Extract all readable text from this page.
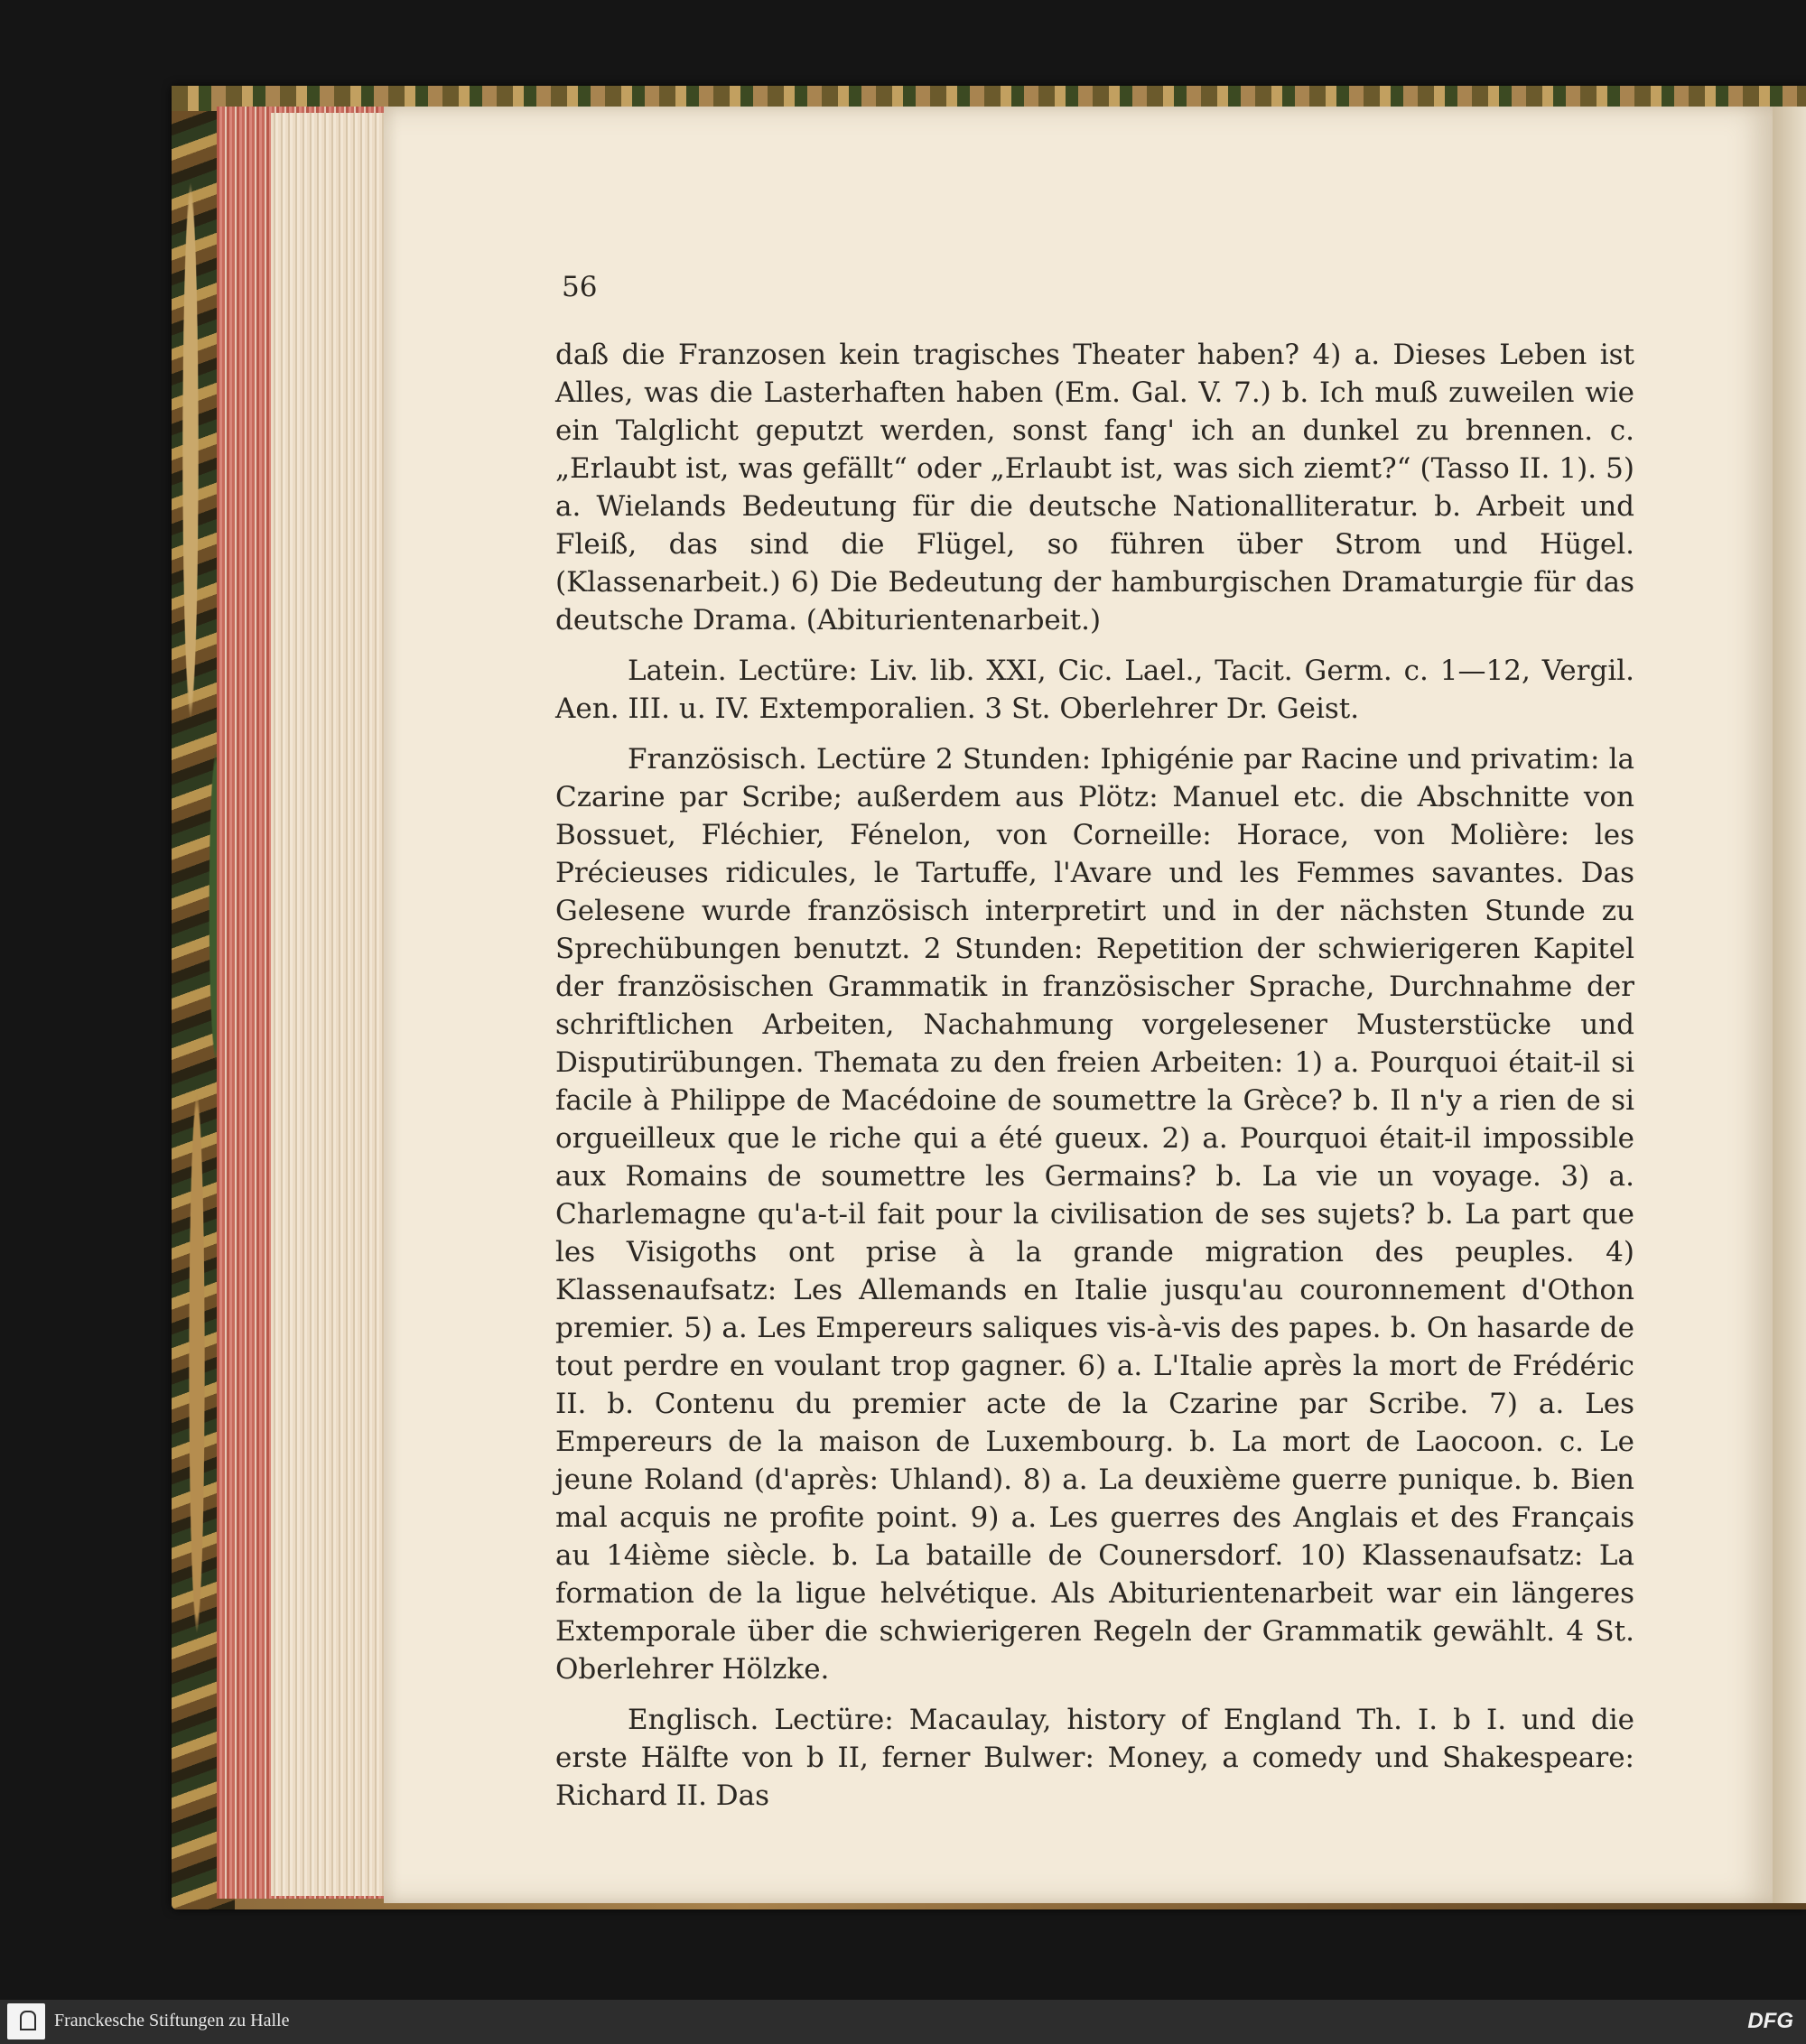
56

daß die Franzosen kein tragisches Theater haben? 4) a. Dieses Leben ist Alles, was die Lasterhaften haben (Em. Gal. V. 7.) b. Ich muß zuweilen wie ein Talglicht geputzt werden, sonst fang' ich an dunkel zu brennen. c. „Erlaubt ist, was gefällt“ oder „Erlaubt ist, was sich ziemt?“ (Tasso II. 1). 5) a. Wielands Bedeutung für die deutsche Nationalliteratur. b. Arbeit und Fleiß, das sind die Flügel, so führen über Strom und Hügel. (Klassenarbeit.) 6) Die Bedeutung der hamburgischen Dramaturgie für das deutsche Drama. (Abiturientenarbeit.)

Latein. Lectüre: Liv. lib. XXI, Cic. Lael., Tacit. Germ. c. 1—12, Vergil. Aen. III. u. IV. Extemporalien. 3 St. Oberlehrer Dr. Geist.

Französisch. Lectüre 2 Stunden: Iphigénie par Racine und privatim: la Czarine par Scribe; außerdem aus Plötz: Manuel etc. die Abschnitte von Bossuet, Fléchier, Fénelon, von Corneille: Horace, von Molière: les Précieuses ridicules, le Tartuffe, l'Avare und les Femmes savantes. Das Gelesene wurde französisch interpretirt und in der nächsten Stunde zu Sprechübungen benutzt. 2 Stunden: Repetition der schwierigeren Kapitel der französischen Grammatik in französischer Sprache, Durchnahme der schriftlichen Arbeiten, Nachahmung vorgelesener Musterstücke und Disputirübungen. Themata zu den freien Arbeiten: 1) a. Pourquoi était-il si facile à Philippe de Macédoine de soumettre la Grèce? b. Il n'y a rien de si orgueilleux que le riche qui a été gueux. 2) a. Pourquoi était-il impossible aux Romains de soumettre les Germains? b. La vie un voyage. 3) a. Charlemagne qu'a-t-il fait pour la civilisation de ses sujets? b. La part que les Visigoths ont prise à la grande migration des peuples. 4) Klassenaufsatz: Les Allemands en Italie jusqu'au couronnement d'Othon premier. 5) a. Les Empereurs saliques vis-à-vis des papes. b. On hasarde de tout perdre en voulant trop gagner. 6) a. L'Italie après la mort de Frédéric II. b. Contenu du premier acte de la Czarine par Scribe. 7) a. Les Empereurs de la maison de Luxembourg. b. La mort de Laocoon. c. Le jeune Roland (d'après: Uhland). 8) a. La deuxième guerre punique. b. Bien mal acquis ne profite point. 9) a. Les guerres des Anglais et des Français au 14ième siècle. b. La bataille de Counersdorf. 10) Klassenaufsatz: La formation de la ligue helvétique. Als Abiturientenarbeit war ein längeres Extemporale über die schwierigeren Regeln der Grammatik gewählt. 4 St. Oberlehrer Hölzke.

Englisch. Lectüre: Macaulay, history of England Th. I. b I. und die erste Hälfte von b II, ferner Bulwer: Money, a comedy und Shakespeare: Richard II. Das

Franckesche Stiftungen zu Halle	DFG
